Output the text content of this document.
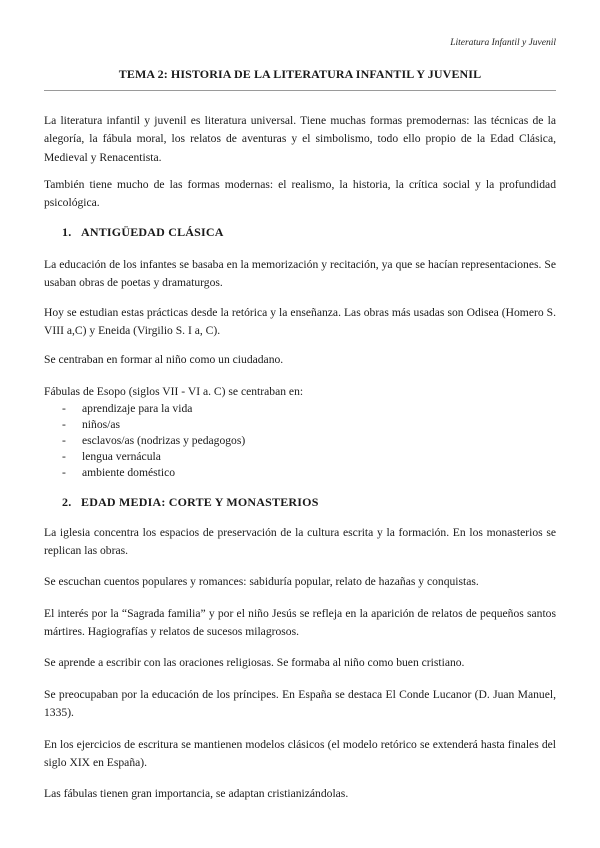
Literatura Infantil y Juvenil
TEMA 2: HISTORIA DE LA LITERATURA INFANTIL Y JUVENIL

La literatura infantil y juvenil es literatura universal. Tiene muchas formas premodernas: las técnicas de la alegoría, la fábula moral, los relatos de aventuras y el simbolismo, todo ello propio de la Edad Clásica, Medieval y Renacentista.

También tiene mucho de las formas modernas: el realismo, la historia, la crítica social y la profundidad psicológica.

1. ANTIGÜEDAD CLÁSICA

La educación de los infantes se basaba en la memorización y recitación, ya que se hacían representaciones. Se usaban obras de poetas y dramaturgos.

Hoy se estudian estas prácticas desde la retórica y la enseñanza. Las obras más usadas son Odisea (Homero S. VIII a,C) y Eneida (Virgilio S. I a, C).

Se centraban en formar al niño como un ciudadano.

Fábulas de Esopo (siglos VII - VI a. C) se centraban en:

- aprendizaje para la vida
- niños/as
- esclavos/as (nodrizas y pedagogos)
- lengua vernácula
- ambiente doméstico
2. EDAD MEDIA: CORTE Y MONASTERIOS

La iglesia concentra los espacios de preservación de la cultura escrita y la formación. En los monasterios se replican las obras.

Se escuchan cuentos populares y romances: sabiduría popular, relato de hazañas y conquistas.

El interés por la “Sagrada familia” y por el niño Jesús se refleja en la aparición de relatos de pequeños santos mártires. Hagiografías y relatos de sucesos milagrosos.

Se aprende a escribir con las oraciones religiosas. Se formaba al niño como buen cristiano.

Se preocupaban por la educación de los príncipes. En España se destaca El Conde Lucanor (D. Juan Manuel, 1335).

En los ejercicios de escritura se mantienen modelos clásicos (el modelo retórico se extenderá hasta finales del siglo XIX en España).

Las fábulas tienen gran importancia, se adaptan cristianizándolas.
